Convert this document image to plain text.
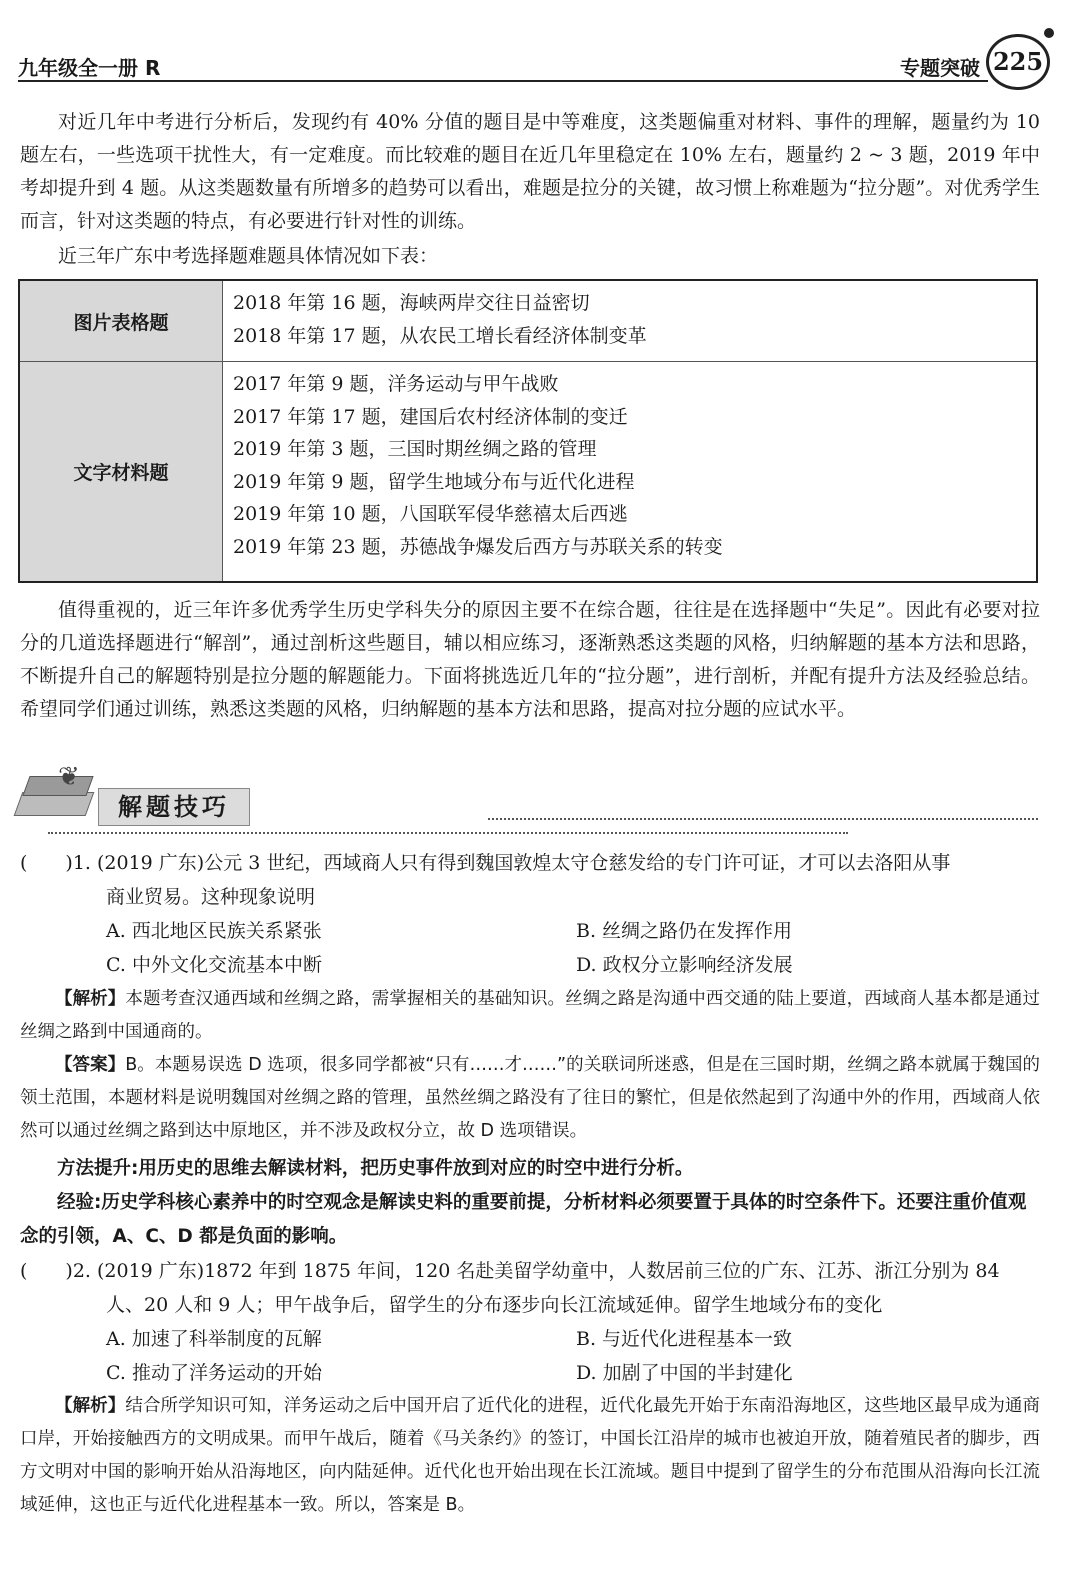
九年级全一册 R	专题突破 225
对近几年中考进行分析后，发现约有 40% 分值的题目是中等难度，这类题偏重对材料、事件的理解，题量约为 10 题左右，一些选项干扰性大，有一定难度。而比较难的题目在近几年里稳定在 10% 左右，题量约 2 ~ 3 题，2019 年中考却提升到 4 题。从这类题数量有所增多的趋势可以看出，难题是拉分的关键，故习惯上称难题为“拉分题”。对优秀学生而言，针对这类题的特点，有必要进行针对性的训练。
近三年广东中考选择题难题具体情况如下表：
图片表格题
2018 年第 16 题，海峡两岸交往日益密切
2018 年第 17 题，从农民工增长看经济体制变革
文字材料题
2017 年第 9 题，洋务运动与甲午战败
2017 年第 17 题，建国后农村经济体制的变迁
2019 年第 3 题，三国时期丝绸之路的管理
2019 年第 9 题，留学生地域分布与近代化进程
2019 年第 10 题，八国联军侵华慈禧太后西逃
2019 年第 23 题，苏德战争爆发后西方与苏联关系的转变
值得重视的，近三年许多优秀学生历史学科失分的原因主要不在综合题，往往是在选择题中“失足”。因此有必要对拉分的几道选择题进行“解剖”，通过剖析这些题目，辅以相应练习，逐渐熟悉这类题的风格，归纳解题的基本方法和思路，不断提升自己的解题特别是拉分题的解题能力。下面将挑选近几年的“拉分题”，进行剖析，并配有提升方法及经验总结。希望同学们通过训练，熟悉这类题的风格，归纳解题的基本方法和思路，提高对拉分题的应试水平。
❦
解题技巧
(　　)1. (2019 广东)公元 3 世纪，西域商人只有得到魏国敦煌太守仓慈发给的专门许可证，才可以去洛阳从事
商业贸易。这种现象说明
A. 西北地区民族关系紧张	B. 丝绸之路仍在发挥作用
C. 中外文化交流基本中断	D. 政权分立影响经济发展
【解析】本题考查汉通西域和丝绸之路，需掌握相关的基础知识。丝绸之路是沟通中西交通的陆上要道，西域商人基本都是通过丝绸之路到中国通商的。
【答案】B。本题易误选 D 选项，很多同学都被“只有……才……”的关联词所迷惑，但是在三国时期，丝绸之路本就属于魏国的领土范围，本题材料是说明魏国对丝绸之路的管理，虽然丝绸之路没有了往日的繁忙，但是依然起到了沟通中外的作用，西域商人依然可以通过丝绸之路到达中原地区，并不涉及政权分立，故 D 选项错误。
方法提升:用历史的思维去解读材料，把历史事件放到对应的时空中进行分析。
经验:历史学科核心素养中的时空观念是解读史料的重要前提，分析材料必须要置于具体的时空条件下。还要注重价值观念的引领，A、C、D 都是负面的影响。
(　　)2. (2019 广东)1872 年到 1875 年间，120 名赴美留学幼童中，人数居前三位的广东、江苏、浙江分别为 84
人、20 人和 9 人；甲午战争后，留学生的分布逐步向长江流域延伸。留学生地域分布的变化
A. 加速了科举制度的瓦解	B. 与近代化进程基本一致
C. 推动了洋务运动的开始	D. 加剧了中国的半封建化
【解析】结合所学知识可知，洋务运动之后中国开启了近代化的进程，近代化最先开始于东南沿海地区，这些地区最早成为通商口岸，开始接触西方的文明成果。而甲午战后，随着《马关条约》的签订，中国长江沿岸的城市也被迫开放，随着殖民者的脚步，西方文明对中国的影响开始从沿海地区，向内陆延伸。近代化也开始出现在长江流域。题目中提到了留学生的分布范围从沿海向长江流域延伸，这也正与近代化进程基本一致。所以，答案是 B。
